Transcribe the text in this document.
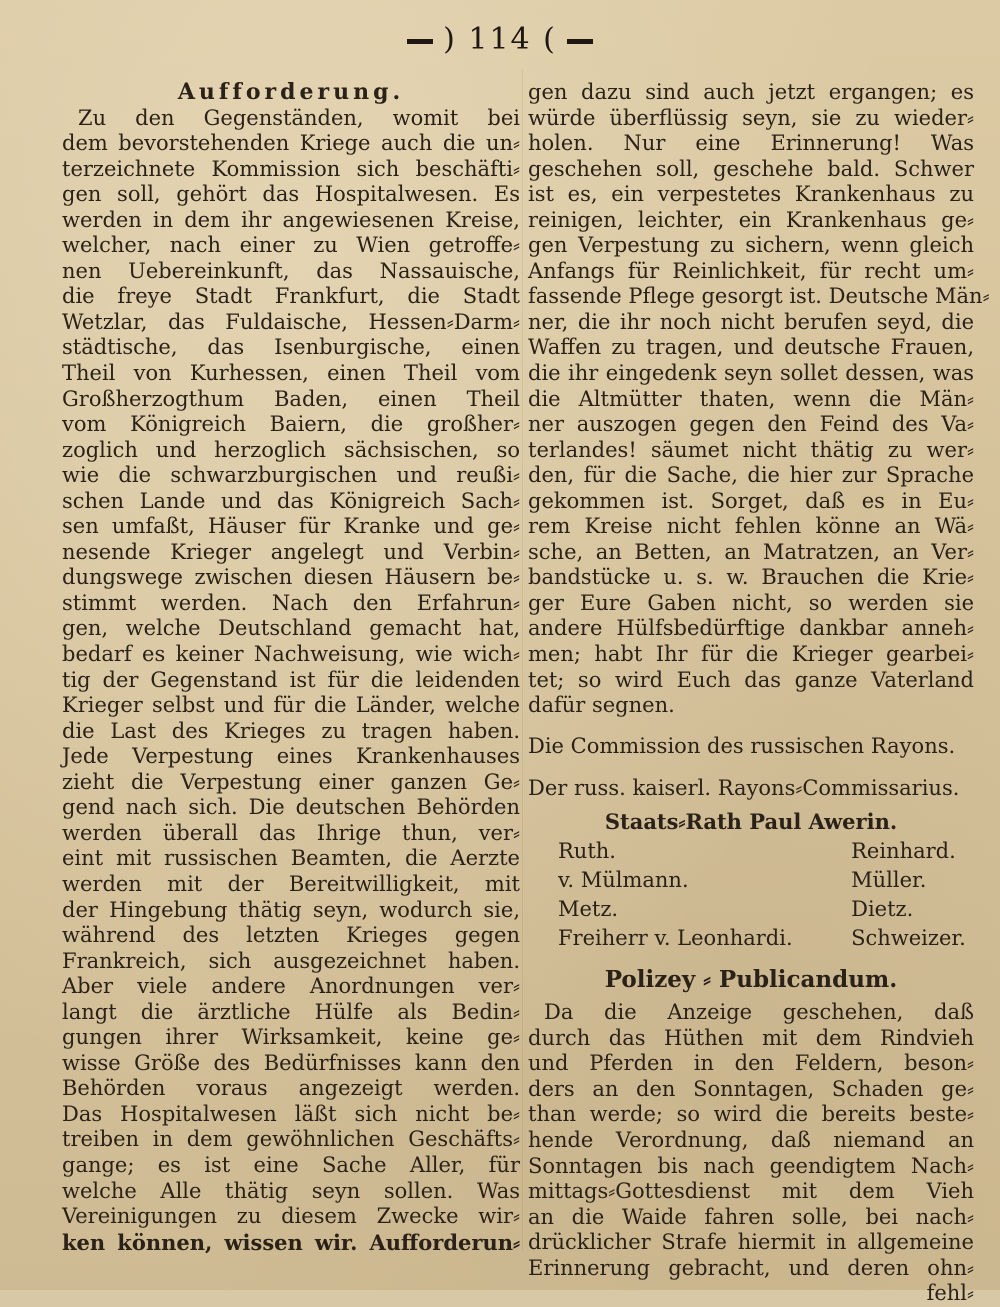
) 114 (
Aufforderung.
Zu den Gegenständen, womit bei
dem bevorstehenden Kriege auch die un⸗
terzeichnete Kommission sich beschäfti⸗
gen soll, gehört das Hospitalwesen. Es
werden in dem ihr angewiesenen Kreise,
welcher, nach einer zu Wien getroffe⸗
nen Uebereinkunft, das Nassauische,
die freye Stadt Frankfurt, die Stadt
Wetzlar, das Fuldaische, Hessen⸗Darm⸗
städtische, das Isenburgische, einen
Theil von Kurhessen, einen Theil vom
Großherzogthum Baden, einen Theil
vom Königreich Baiern, die großher⸗
zoglich und herzoglich sächsischen, so
wie die schwarzburgischen und reußi⸗
schen Lande und das Königreich Sach⸗
sen umfaßt, Häuser für Kranke und ge⸗
nesende Krieger angelegt und Verbin⸗
dungswege zwischen diesen Häusern be⸗
stimmt werden. Nach den Erfahrun⸗
gen, welche Deutschland gemacht hat,
bedarf es keiner Nachweisung, wie wich⸗
tig der Gegenstand ist für die leidenden
Krieger selbst und für die Länder, welche
die Last des Krieges zu tragen haben.
Jede Verpestung eines Krankenhauses
zieht die Verpestung einer ganzen Ge⸗
gend nach sich. Die deutschen Behörden
werden überall das Ihrige thun, ver⸗
eint mit russischen Beamten, die Aerzte
werden mit der Bereitwilligkeit, mit
der Hingebung thätig seyn, wodurch sie,
während des letzten Krieges gegen
Frankreich, sich ausgezeichnet haben.
Aber viele andere Anordnungen ver⸗
langt die ärztliche Hülfe als Bedin⸗
gungen ihrer Wirksamkeit, keine ge⸗
wisse Größe des Bedürfnisses kann den
Behörden voraus angezeigt werden.
Das Hospitalwesen läßt sich nicht be⸗
treiben in dem gewöhnlichen Geschäfts⸗
gange; es ist eine Sache Aller, für
welche Alle thätig seyn sollen. Was
Vereinigungen zu diesem Zwecke wir⸗
ken können, wissen wir. Aufforderun⸗
gen dazu sind auch jetzt ergangen; es
würde überflüssig seyn, sie zu wieder⸗
holen. Nur eine Erinnerung! Was
geschehen soll, geschehe bald. Schwer
ist es, ein verpestetes Krankenhaus zu
reinigen, leichter, ein Krankenhaus ge⸗
gen Verpestung zu sichern, wenn gleich
Anfangs für Reinlichkeit, für recht um⸗
fassende Pflege gesorgt ist. Deutsche Män⸗
ner, die ihr noch nicht berufen seyd, die
Waffen zu tragen, und deutsche Frauen,
die ihr eingedenk seyn sollet dessen, was
die Altmütter thaten, wenn die Män⸗
ner auszogen gegen den Feind des Va⸗
terlandes! säumet nicht thätig zu wer⸗
den, für die Sache, die hier zur Sprache
gekommen ist. Sorget, daß es in Eu⸗
rem Kreise nicht fehlen könne an Wä⸗
sche, an Betten, an Matratzen, an Ver⸗
bandstücke u. s. w. Brauchen die Krie⸗
ger Eure Gaben nicht, so werden sie
andere Hülfsbedürftige dankbar anneh⸗
men; habt Ihr für die Krieger gearbei⸗
tet; so wird Euch das ganze Vaterland
dafür segnen.
Die Commission des russischen Rayons.
Der russ. kaiserl. Rayons⸗Commissarius.
Staats⸗Rath Paul Awerin.
Ruth.	Reinhard.
v. Mülmann.	Müller.
Metz.	Dietz.
Freiherr v. Leonhardi.	Schweizer.
Polizey ⸗ Publicandum.
Da die Anzeige geschehen, daß
durch das Hüthen mit dem Rindvieh
und Pferden in den Feldern, beson⸗
ders an den Sonntagen, Schaden ge⸗
than werde; so wird die bereits beste⸗
hende Verordnung, daß niemand an
Sonntagen bis nach geendigtem Nach⸗
mittags⸗Gottesdienst mit dem Vieh
an die Waide fahren solle, bei nach⸗
drücklicher Strafe hiermit in allgemeine
Erinnerung gebracht, und deren ohn⸗
fehl⸗
